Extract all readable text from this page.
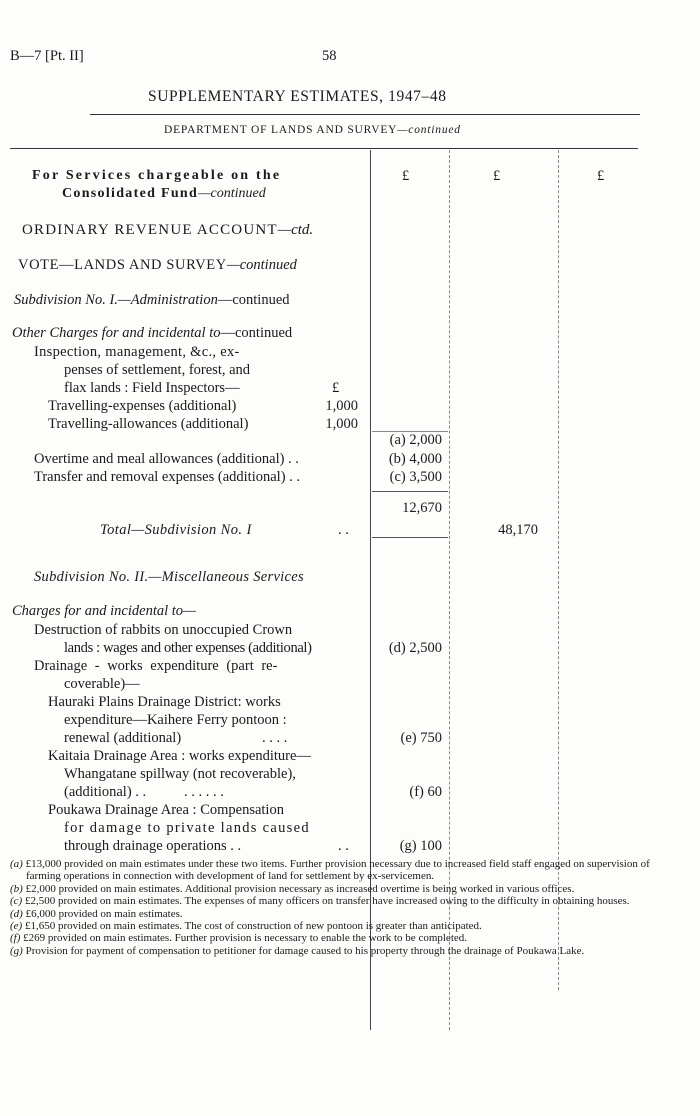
B—7 [Pt. II]	58
SUPPLEMENTARY ESTIMATES, 1947–48
DEPARTMENT OF LANDS AND SURVEY—continued
£	£	£
For Services chargeable on the
Consolidated Fund—continued
ORDINARY REVENUE ACCOUNT—ctd.
VOTE—LANDS AND SURVEY—continued
Subdivision No. I.—Administration—continued
Other Charges for and incidental to—continued
Inspection, management, &c., ex-
penses of settlement, forest, and
flax lands : Field Inspectors—	£
Travelling-expenses (additional)	1,000
Travelling-allowances (additional)	1,000
(a) 2,000
Overtime and meal allowances (additional) . .	(b) 4,000
Transfer and removal expenses (additional) . .	(c) 3,500
12,670
Total—Subdivision No. I	. .	48,170
Subdivision No. II.—Miscellaneous Services
Charges for and incidental to—
Destruction of rabbits on unoccupied Crown
lands : wages and other expenses (additional)	(d) 2,500
Drainage - works expenditure (part re-
coverable)—
Hauraki Plains Drainage District: works
expenditure—Kaihere Ferry pontoon :
renewal (additional)	. . . .	(e) 750
Kaitaia Drainage Area : works expenditure—
Whangatane spillway (not recoverable),
(additional) . .	. . . . . .	(f) 60
Poukawa Drainage Area : Compensation
for damage to private lands caused
through drainage operations . .	. .	(g) 100
(a) £13,000 provided on main estimates under these two items. Further provision necessary due to increased field staff engaged on supervision of farming operations in connection with development of land for settlement by ex-servicemen.
(b) £2,000 provided on main estimates. Additional provision necessary as increased overtime is being worked in various offices.
(c) £2,500 provided on main estimates. The expenses of many officers on transfer have increased owing to the difficulty in obtaining houses.
(d) £6,000 provided on main estimates.
(e) £1,650 provided on main estimates. The cost of construction of new pontoon is greater than anticipated.
(f) £269 provided on main estimates. Further provision is necessary to enable the work to be completed.
(g) Provision for payment of compensation to petitioner for damage caused to his property through the drainage of Poukawa Lake.
